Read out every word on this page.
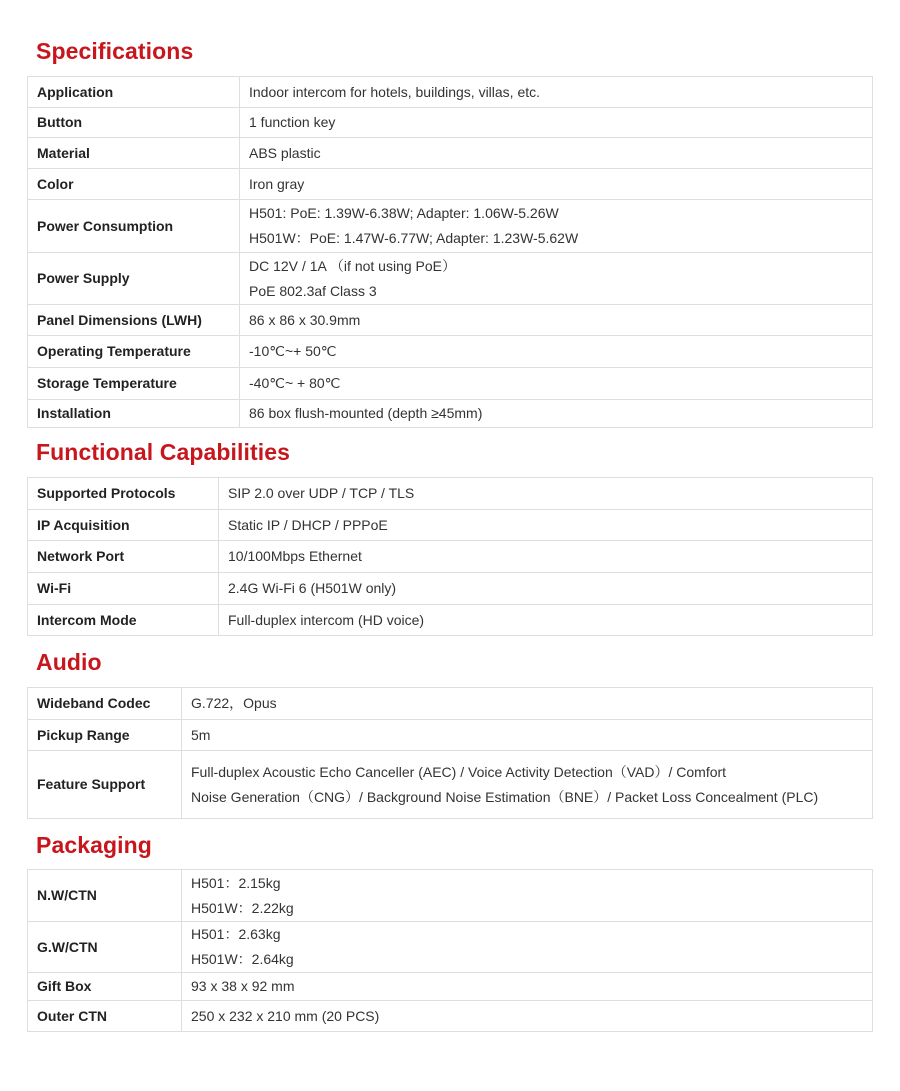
Specifications
Application	Indoor intercom for hotels, buildings, villas, etc.
Button	1 function key
Material	ABS plastic
Color	Iron gray
Power Consumption	H501: PoE: 1.39W-6.38W; Adapter: 1.06W-5.26W
H501W：PoE: 1.47W-6.77W; Adapter: 1.23W-5.62W

Power Supply	DC 12V / 1A （if not using PoE）
PoE 802.3af Class 3

Panel Dimensions (LWH)	86 x 86 x 30.9mm
Operating Temperature	-10℃~+ 50℃
Storage Temperature	-40℃~ + 80℃
Installation	86 box flush-mounted (depth ≥45mm)
Functional Capabilities
Supported Protocols	SIP 2.0 over UDP / TCP / TLS
IP Acquisition	Static IP / DHCP / PPPoE
Network Port	10/100Mbps Ethernet
Wi-Fi	2.4G Wi-Fi 6 (H501W only)
Intercom Mode	Full-duplex intercom (HD voice)
Audio
Wideband Codec	G.722，Opus
Pickup Range	5m
Feature Support	Full-duplex Acoustic Echo Canceller (AEC) / Voice Activity Detection（VAD）/ Comfort
Noise Generation（CNG）/ Background Noise Estimation（BNE）/ Packet Loss Concealment (PLC)
Packaging
N.W/CTN	H501：2.15kg
H501W：2.22kg

G.W/CTN	H501：2.63kg
H501W：2.64kg

Gift Box	93 x 38 x 92 mm
Outer CTN	250 x 232 x 210 mm (20 PCS)
